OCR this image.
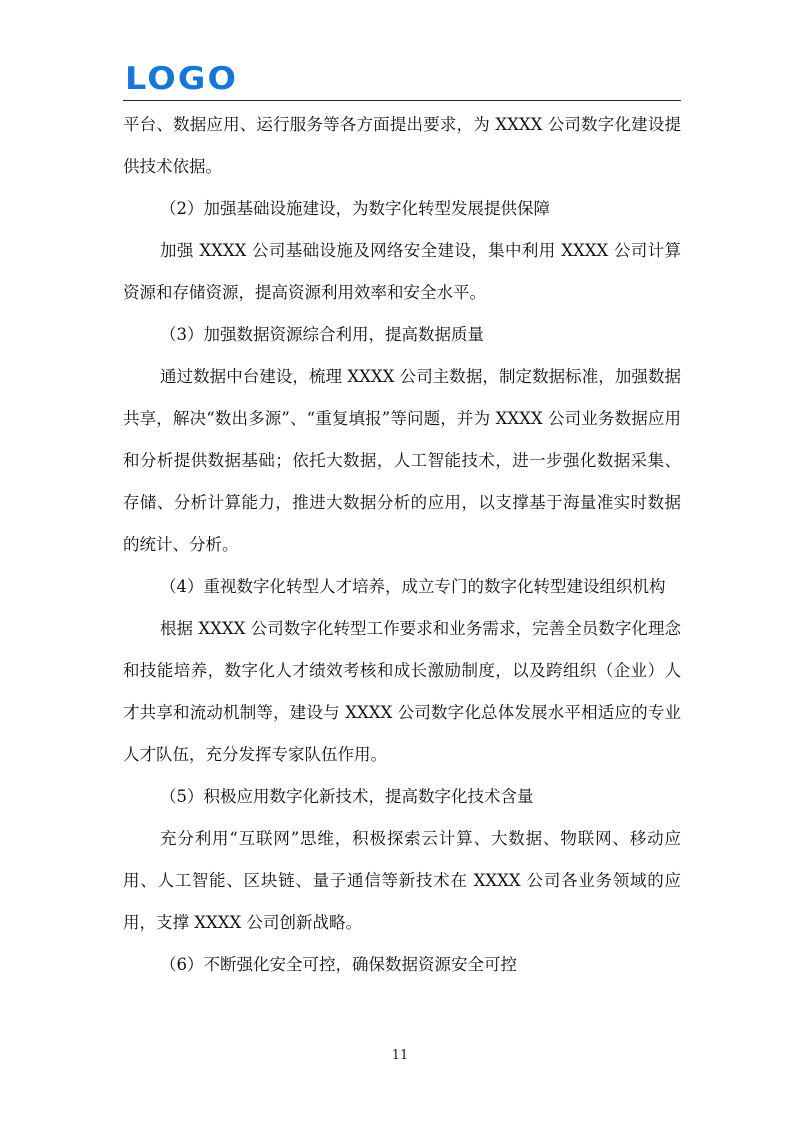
LOGO

平台、数据应用、运行服务等各方面提出要求，为 XXXX 公司数字化建设提供技术依据。

（2）加强基础设施建设，为数字化转型发展提供保障

加强 XXXX 公司基础设施及网络安全建设，集中利用 XXXX 公司计算资源和存储资源，提高资源利用效率和安全水平。

（3）加强数据资源综合利用，提高数据质量

通过数据中台建设，梳理 XXXX 公司主数据，制定数据标准，加强数据共享，解决“数出多源”、“重复填报”等问题，并为 XXXX 公司业务数据应用和分析提供数据基础；依托大数据，人工智能技术，进一步强化数据采集、存储、分析计算能力，推进大数据分析的应用，以支撑基于海量准实时数据的统计、分析。

（4）重视数字化转型人才培养，成立专门的数字化转型建设组织机构

根据 XXXX 公司数字化转型工作要求和业务需求，完善全员数字化理念和技能培养，数字化人才绩效考核和成长激励制度，以及跨组织（企业）人才共享和流动机制等，建设与 XXXX 公司数字化总体发展水平相适应的专业人才队伍，充分发挥专家队伍作用。

（5）积极应用数字化新技术，提高数字化技术含量

充分利用“互联网”思维，积极探索云计算、大数据、物联网、移动应用、人工智能、区块链、量子通信等新技术在 XXXX 公司各业务领域的应用，支撑 XXXX 公司创新战略。

（6）不断强化安全可控，确保数据资源安全可控

11
